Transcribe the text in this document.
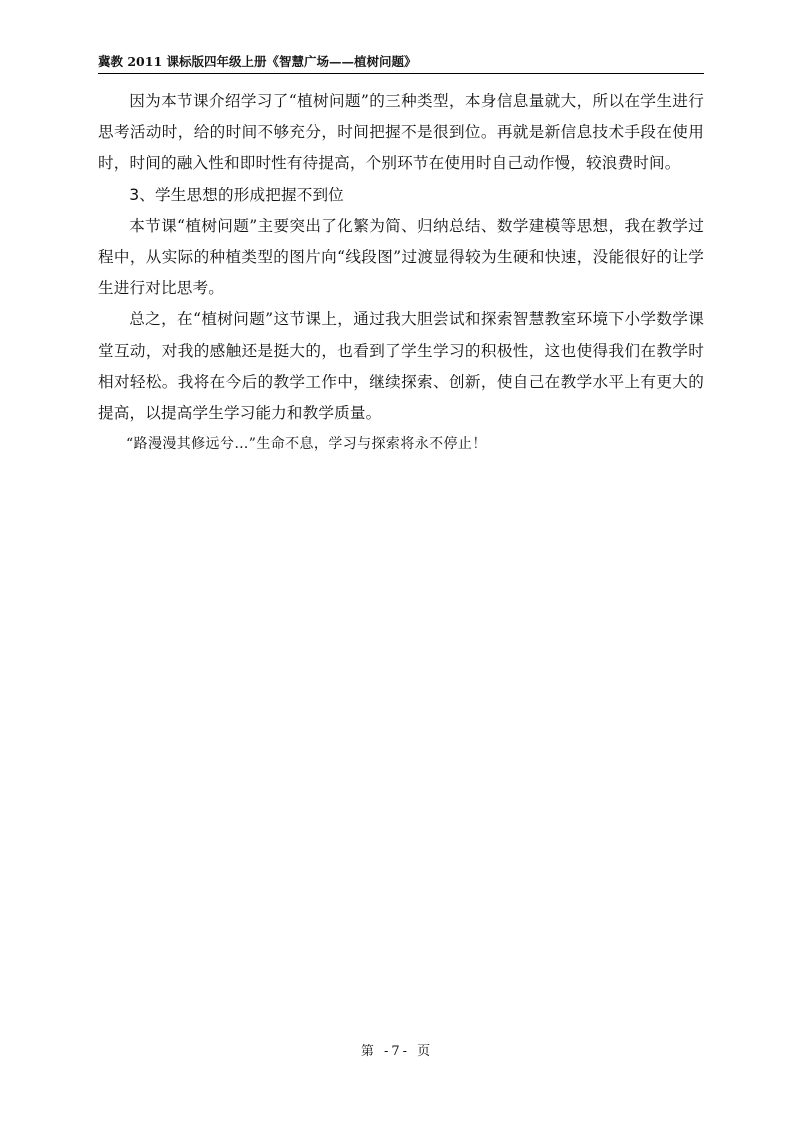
冀教 2011 课标版四年级上册《智慧广场——植树问题》

因为本节课介绍学习了“植树问题”的三种类型，本身信息量就大，所以在学生进行思考活动时，给的时间不够充分，时间把握不是很到位。再就是新信息技术手段在使用时，时间的融入性和即时性有待提高，个别环节在使用时自己动作慢，较浪费时间。

3、学生思想的形成把握不到位

本节课“植树问题”主要突出了化繁为简、归纳总结、数学建模等思想，我在教学过程中，从实际的种植类型的图片向“线段图”过渡显得较为生硬和快速，没能很好的让学生进行对比思考。

总之，在“植树问题”这节课上，通过我大胆尝试和探索智慧教室环境下小学数学课堂互动，对我的感触还是挺大的，也看到了学生学习的积极性，这也使得我们在教学时相对轻松。我将在今后的教学工作中，继续探索、创新，使自己在教学水平上有更大的提高，以提高学生学习能力和教学质量。

“路漫漫其修远兮…”生命不息，学习与探索将永不停止！

第 -7- 页
